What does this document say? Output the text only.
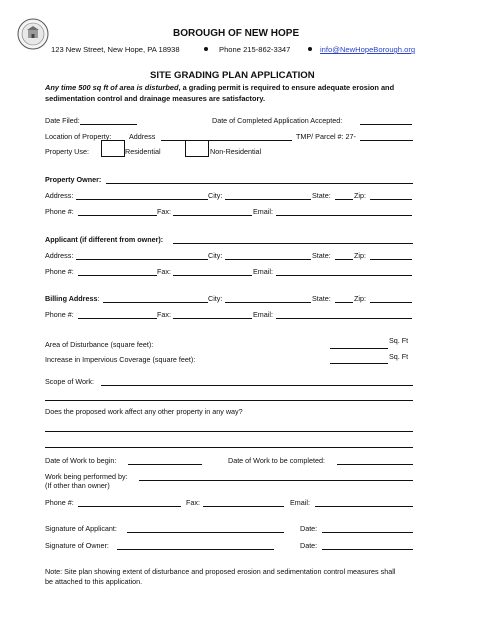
BOROUGH OF NEW HOPE
123 New Street, New Hope, PA 18938	Phone 215-862-3347	info@NewHopeBorough.org
SITE GRADING PLAN APPLICATION
Any time 500 sq ft of area is disturbed, a grading permit is required to ensure adequate erosion and
sedimentation control and drainage measures are satisfactory.
Date Filed:	Date of Completed Application Accepted:
Location of Property: Address	TMP/ Parcel #: 27-
Property Use:	Residential	Non-Residential
Property Owner:
Address:	City:	State:	Zip:
Phone #:	Fax:	Email:
Applicant (if different from owner):
Address:	City:	State:	Zip:
Phone #:	Fax:	Email:
Billing Address:	City:	State:	Zip:
Phone #:	Fax:	Email:
Area of Disturbance (square feet):	Sq. Ft
Increase in Impervious Coverage (square feet):	Sq. Ft
Scope of Work:
Does the proposed work affect any other property in any way?
Date of Work to begin:	Date of Work to be completed:
Work being performed by:
(If other than owner)
Phone #:	Fax:	Email:
Signature of Applicant:	Date:
Signature of Owner:	Date:
Note: Site plan showing extent of disturbance and proposed erosion and sedimentation control measures shall
be attached to this application.
